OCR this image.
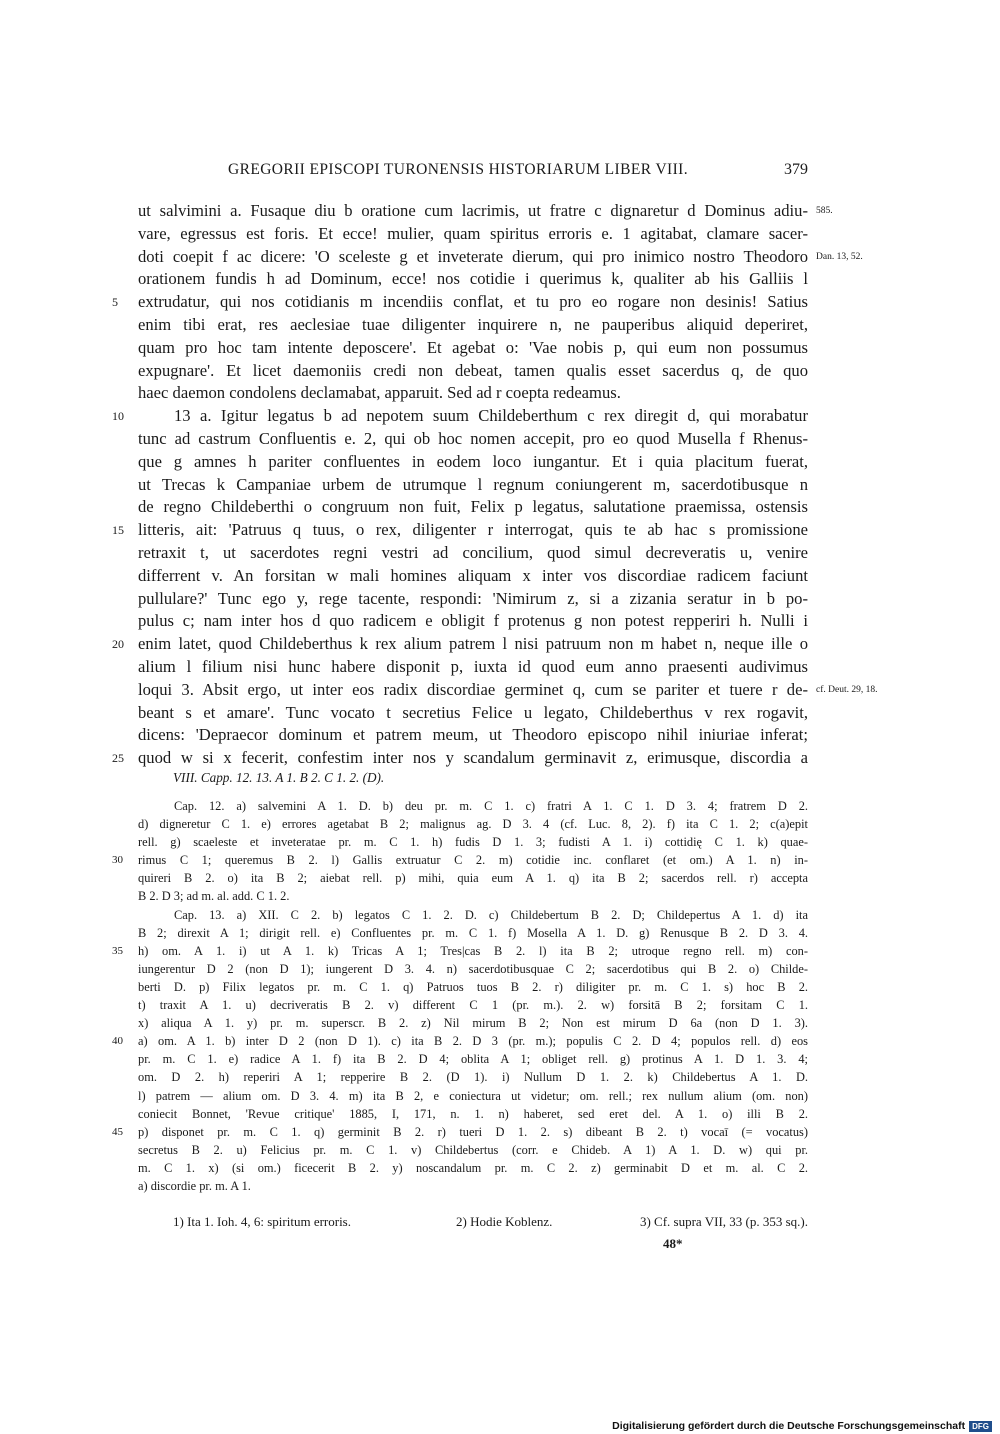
GREGORII EPISCOPI TURONENSIS HISTORIARUM LIBER VIII.	379
ut salvimini a. Fusaque diu b oratione cum lacrimis, ut fratre c dignaretur d Dominus adiu- 585.
vare, egressus est foris. Et ecce! mulier, quam spiritus erroris e. 1 agitabat, clamare sacer-
doti coepit f ac dicere: 'O sceleste g et inveterate dierum, qui pro inimico nostro Theodoro Dan. 13, 52.
orationem fundis h ad Dominum, ecce! nos cotidie i querimus k, qualiter ab his Galliis l
5	extrudatur, qui nos cotidianis m incendiis conflat, et tu pro eo rogare non desinis! Satius
enim tibi erat, res aeclesiae tuae diligenter inquirere n, ne pauperibus aliquid deperiret,
quam pro hoc tam intente deposcere'. Et agebat o: 'Vae nobis p, qui eum non possumus
expugnare'. Et licet daemoniis credi non debeat, tamen qualis esset sacerdus q, de quo
haec daemon condolens declamabat, apparuit. Sed ad r coepta redeamus.
10	13 a. Igitur legatus b ad nepotem suum Childeberthum c rex diregit d, qui morabatur
tunc ad castrum Confluentis e. 2, qui ob hoc nomen accepit, pro eo quod Musella f Rhenus-
que g amnes h pariter confluentes in eodem loco iungantur. Et i quia placitum fuerat,
ut Trecas k Campaniae urbem de utrumque l regnum coniungerent m, sacerdotibusque n
de regno Childeberthi o congruum non fuit, Felix p legatus, salutatione praemissa, ostensis
15 litteris, ait: 'Patruus q tuus, o rex, diligenter r interrogat, quis te ab hac s promissione
retraxit t, ut sacerdotes regni vestri ad concilium, quod simul decreveratis u, venire
differrent v. An forsitan w mali homines aliquam x inter vos discordiae radicem faciunt
pullulare?' Tunc ego y, rege tacente, respondi: 'Nimirum z, si a zizania seratur in b po-
pulus c; nam inter hos d quo radicem e obligit f protenus g non potest repperiri h. Nulli i
20 enim latet, quod Childeberthus k rex alium patrem l nisi patruum non m habet n, neque ille o
alium l filium nisi hunc habere disponit p, iuxta id quod eum anno praesenti audivimus
loqui 3. Absit ergo, ut inter eos radix discordiae germinet q, cum se pariter et tuere r de- cf. Deut. 29, 18.
beant s et amare'. Tunc vocato t secretius Felice u legato, Childeberthus v rex rogavit,
dicens: 'Depraecor dominum et patrem meum, ut Theodoro episcopo nihil iniuriae inferat;
25 quod w si x fecerit, confestim inter nos y scandalum germinavit z, erimusque, discordia a
VIII. Capp. 12. 13. A 1. B 2. C 1. 2. (D).
Cap. 12. a) salvemini A 1. D. b) deu pr. m. C 1. c) fratri A 1. C 1. D 3. 4; fratrem D 2.
d) digneretur C 1. e) errores agetabat B 2; malignus ag. D 3. 4 (cf. Luc. 8, 2). f) ita C 1. 2; c(a)epit
rell. g) scaeleste et inveteratae pr. m. C 1. h) fudis D 1. 3; fudisti A 1. i) cottidię C 1. k) quae-
30	rimus C 1; queremus B 2. l) Gallis extruatur C 2. m) cotidie inc. conflaret (et om.) A 1. n) in-
quireri B 2. o) ita B 2; aiebat rell. p) mihi, quia eum A 1. q) ita B 2; sacerdos rell. r) accepta
B 2. D 3; ad m. al. add. C 1. 2.
Cap. 13. a) XII. C 2. b) legatos C 1. 2. D. c) Childebertum B 2. D; Childepertus A 1. d) ita
B 2; direxit A 1; dirigit rell. e) Confluentes pr. m. C 1. f) Mosella A 1. D. g) Renusque B 2. D 3. 4.
35	h) om. A 1. i) ut A 1. k) Tricas A 1; Tres|cas B 2. l) ita B 2; utroque regno rell. m) con-
iungerentur D 2 (non D 1); iungerent D 3. 4. n) sacerdotibusquae C 2; sacerdotibus qui B 2. o) Childe-
berti D. p) Filix legatos pr. m. C 1. q) Patruos tuos B 2. r) diligiter pr. m. C 1. s) hoc B 2.
t) traxit A 1. u) decriveratis B 2. v) different C 1 (pr. m.). 2. w) forsitā B 2; forsitam C 1.
x) aliqua A 1. y) pr. m. superscr. B 2. z) Nil mirum B 2; Non est mirum D 6a (non D 1. 3).
40	a) om. A 1. b) inter D 2 (non D 1). c) ita B 2. D 3 (pr. m.); populis C 2. D 4; populos rell. d) eos
pr. m. C 1. e) radice A 1. f) ita B 2. D 4; oblita A 1; obliget rell. g) protinus A 1. D 1. 3. 4;
om. D 2. h) reperiri A 1; repperire B 2. (D 1). i) Nullum D 1. 2. k) Childebertus A 1. D.
l) patrem — alium om. D 3. 4. m) ita B 2, e coniectura ut videtur; om. rell.; rex nullum alium (om. non)
coniecit Bonnet, 'Revue critique' 1885, I, 171, n. 1. n) haberet, sed eret del. A 1. o) illi B 2.
45	p) disponet pr. m. C 1. q) germinit B 2. r) tueri D 1. 2. s) dibeant B 2. t) vocaī (= vocatus)
secretus B 2. u) Felicius pr. m. C 1. v) Childebertus (corr. e Chideb. A 1) A 1. D. w) qui pr.
m. C 1. x) (si om.) ficecerit B 2. y) noscandalum pr. m. C 2. z) germinabit D et m. al. C 2.
a) discordie pr. m. A 1.
1) Ita 1. Ioh. 4, 6: spiritum erroris.	2) Hodie Koblenz.	3) Cf. supra VII, 33 (p. 353 sq.).
48*
Digitalisierung gefördert durch die Deutsche Forschungsgemeinschaft DFG
